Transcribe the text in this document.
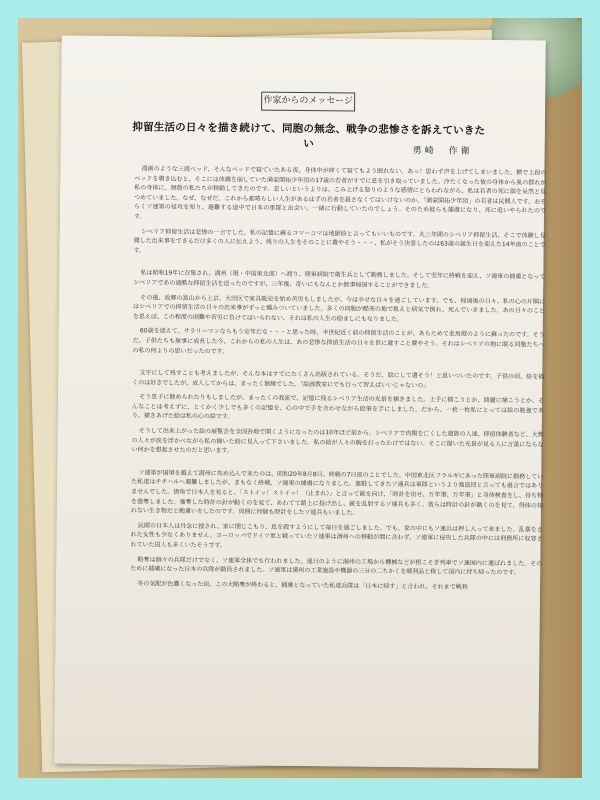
作家からのメッセージ
抑留生活の日々を描き続けて、同胞の無念、戦争の悲惨さを訴えていきたい
勇崎　作衛

漫画のような三段ベッド、そんなベッドで寝ていたある夜、身体中が痒くて寝てもよう眠れない。あっ！思わず声を上げてしまいました。横で上段のベッドを覗き込むと、そこには体調を崩していた満蒙開拓少年団の17歳の若者がすでに息を引き取っていました。冷たくなった彼の身体から虱の群れが私の身体に、無数の私たちが移動してきたのです。悲しいというよりは、こみ上げる怒りのような感情にとらわれながら、私は若者の死に顔を呆然と見つめていました。なぜ、なぜだ。これから素晴らしい人生があるはずの若者を殺さなくてはいけないのか。「満蒙開拓少年団」の若者は民間人です。おそらくソ連軍の侵攻を知り、避難する途中で日本の軍隊と出会い、一緒に行動していたのでしょう。そのため彼らも捕虜になり、死に追いやられたのです。

シベリア抑留生活は悲惨の一言でした。私の記憶に蘇るコマーコマは地獄絵と言ってもいいものです。丸三年間のシベリア抑留生活、そこで体験し見聞した出来事をできるだけ多くの人に伝えよう、残りの人生をそのことに費やそう・・・、私がそう決意したのは63歳の誕生日を迎えた14年前のことです。

私は昭和19年に召集され、満州（現・中国東北部）へ渡り、陸軍病院で衛生兵として勤務しました。そして翌年に終戦を迎え、ソ連軍の捕虜となってシベリアであの過酷な抑留生活を送ったのですが、三年後、奇いにもなんとか無事帰国することができました。

その後、故郷の富山から上京、大田区で家具販売を始め苦労もしましたが、今は幸せな日々を過ごしています。でも、帰国後の日々、私の心の片隅にはシベリアでの抑留生活の日々の出来事がずっと燻みついていました。多くの同胞が酷寒の地で飢えと病気で倒れ、死んでいきました。あの日々のことを思えば、この程度の困難や苦労に負けてはいられない、それは私の人生の励ましにもなりました。

60歳を迎えて、サラリーマンならもう定年だな・・・と思った時、半世紀近く前の抑留生活のことが、あらためて走馬燈のように蘇ったのです。そうだ、子供たちも無事に成長した今、これからの私の人生は、あの悲惨な抑留生活の日々を世に遺すこと費やそう。それはシベリアの地に眠る同胞たちへの私の何よりの思いだったのです。

文字にして残すことも考えましたが、そんな本はすでにたくさん出版されている。そうだ、絵にして遺そう！と思いついたのです。子供の頃、絵を描くのは好きでしたが、成人してからは、まったく無縁でした。「絵画教室にでも行って習えばいいじゃないの」

そう息子に勧められたりもしましたが、まったくの我流で、記憶に残るシベリア生活の光景を描きました。上手に描こうとか、綺麗に描こうとか、そんなことは考えずに、とくかく少しでも多くの記憶を、心の中で手を合わせながら絵筆を手にしました。だから、一枚一枚私にとっては絵の勉強であり、描きあげた絵は私の心の絵です。

そうして出来上がった絵の展覧会を全国各地で開くようになったのは10年ほど前から。シベリアで肉親を亡くした遺族の人達、抑留体験者など、大勢の人々が涙を浮かべながら私の描いた絵に見入って下さいました。私の絵が人々の胸を打ったわけではない。そこに描いた光景が見る人に言葉にならない何かを想起させたのだと思います。

ソ連軍が国境を越えて満州に攻め込んで来たのは、昭和20年8月8日、終戦の7日前のことでした。中国東北区フラルギにあった陸軍病院に勤務していた私達はチチハルへ避難しましたが、まもなく終戦、ソ連軍の捕虜になりました。進駐してきたソ連兵は軍隊というより強盗団と言っても過言ではありませんでした。街角で日本人を見ると、「ストイッ！ストイッ！（止まれ）」と言って銃を向け、「時計を出せ、万年筆、万年筆」と身体検査をし、持ち物を強奪しました。強奪した時計の針が動くのを見て、あわてて路上に投げ出し、銃を乱射するソ連兵も多く、彼らは時計の針が動くのを見て、得体の知れない生き物だと勘違いをしたのです。周囲に何個も時計をしたソ連兵もいました。

民間の日本人は丹念に捜され、家に閉じこもり、息を殺すようにして毎日を過ごしました。でも、家の中にもソ連兵は押し入って来ました。乱暴をされた女性も少なくありません。ヨーロッパでドイツ軍と戦っていたソ連軍は満州への移動が間に合わず、ソ連軍に侵攻した兵隊の中には刑務所に収容されていた囚人も多くいたそうです。

略奪は個々の兵隊だけでなく、ソ連軍全体でも行われました。連日のように満州の工場から機械などが根こそぎ列車でソ連国内に運ばれました。そのために捕虜になった日本の兵隊が動員されました。ソ連軍は満州の工業施設や機器の三分の二ちかくを戦利品と称して国内に持ち帰ったのです。

冬の気配が色濃くなった頃、この大略奪が終わると、捕虜となっていた私達兵隊は「日本に帰す」と言われ、それまで戦利
